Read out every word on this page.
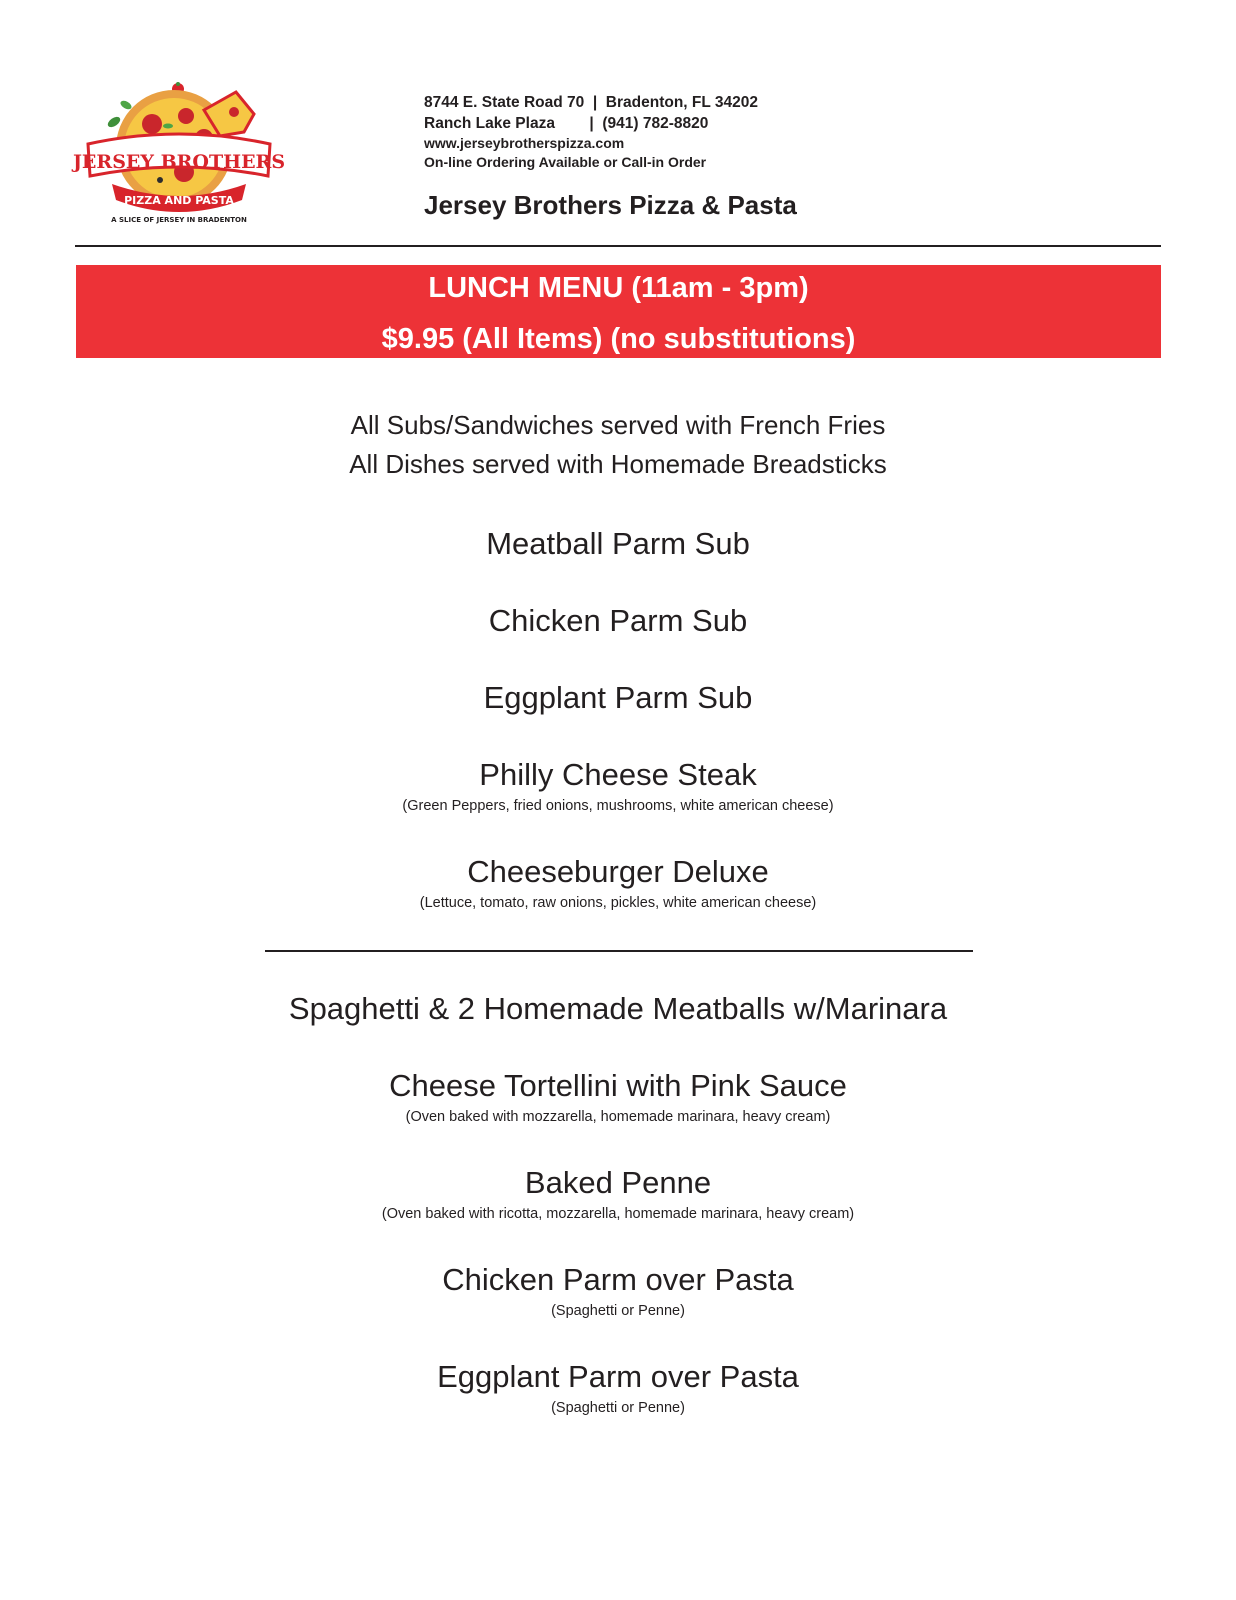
JERSEY BROTHERS
PIZZA AND PASTA
A SLICE OF JERSEY IN BRADENTON
8744 E. State Road 70  |  Bradenton, FL 34202
Ranch Lake Plaza        |  (941) 782-8820
www.jerseybrotherspizza.com
On-line Ordering Available or Call-in Order
Jersey Brothers Pizza & Pasta
LUNCH MENU (11am - 3pm)
$9.95 (All Items) (no substitutions)
All Subs/Sandwiches served with French Fries
All Dishes served with Homemade Breadsticks
Meatball Parm Sub
Chicken Parm Sub
Eggplant Parm Sub
Philly Cheese Steak
(Green Peppers, fried onions, mushrooms, white american cheese)
Cheeseburger Deluxe
(Lettuce, tomato, raw onions, pickles, white american cheese)
Spaghetti & 2 Homemade Meatballs w/Marinara
Cheese Tortellini with Pink Sauce
(Oven baked with mozzarella, homemade marinara, heavy cream)
Baked Penne
(Oven baked with ricotta, mozzarella, homemade marinara, heavy cream)
Chicken Parm over Pasta
(Spaghetti or Penne)
Eggplant Parm over Pasta
(Spaghetti or Penne)
